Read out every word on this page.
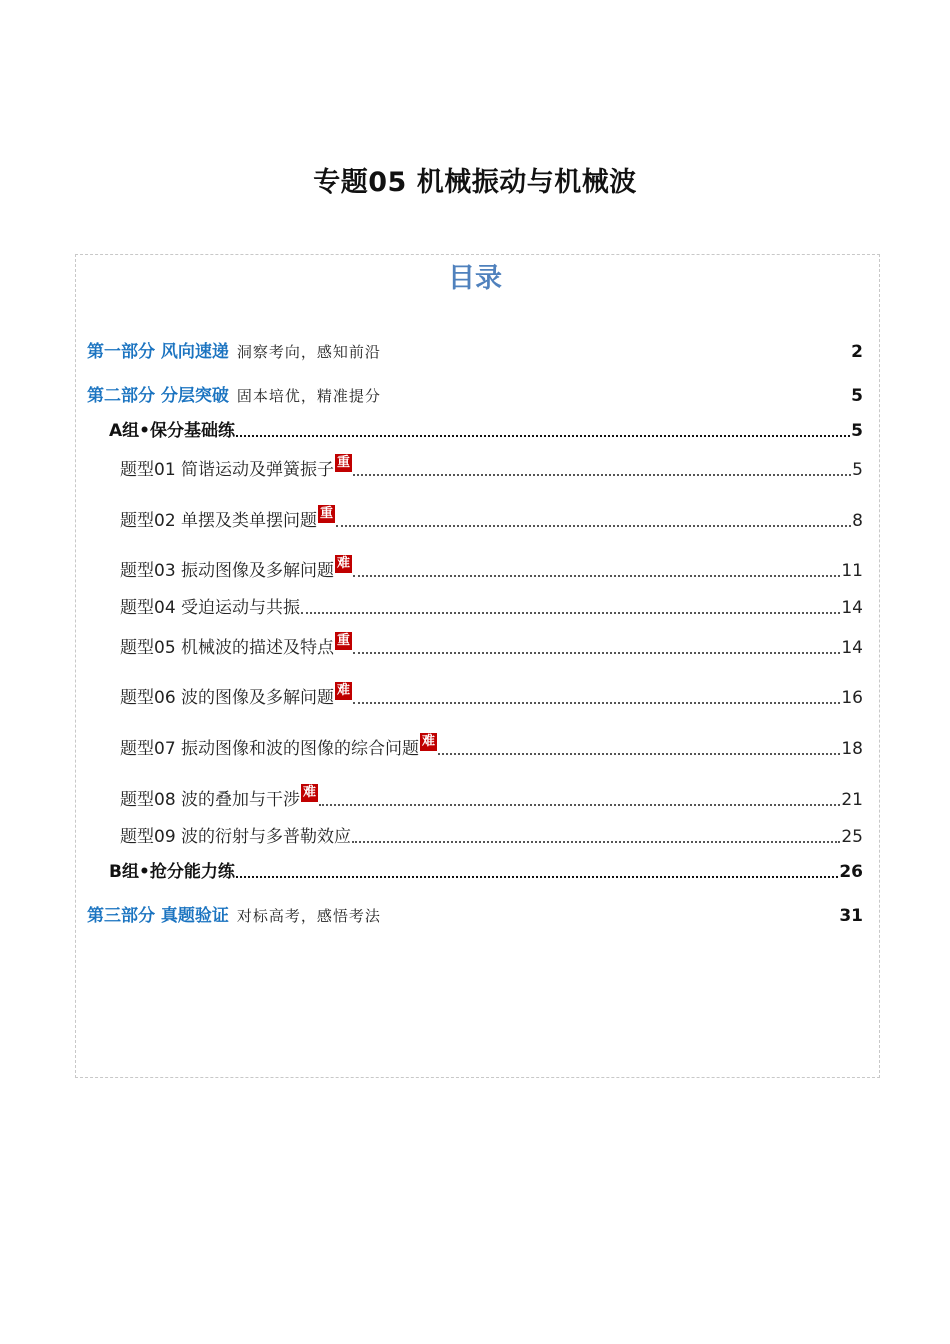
专题05 机械振动与机械波
目录
第一部分 风向速递 洞察考向，感知前沿	2
第二部分 分层突破 固本培优，精准提分	5
A组•保分基础练	5
题型01 简谐运动及弹簧振子 重	5
题型02 单摆及类单摆问题 重	8
题型03 振动图像及多解问题 难	11
题型04 受迫运动与共振	14
题型05 机械波的描述及特点 重	14
题型06 波的图像及多解问题 难	16
题型07 振动图像和波的图像的综合问题 难	18
题型08 波的叠加与干涉 难	21
题型09 波的衍射与多普勒效应	25
B组•抢分能力练	26
第三部分 真题验证 对标高考，感悟考法	31
